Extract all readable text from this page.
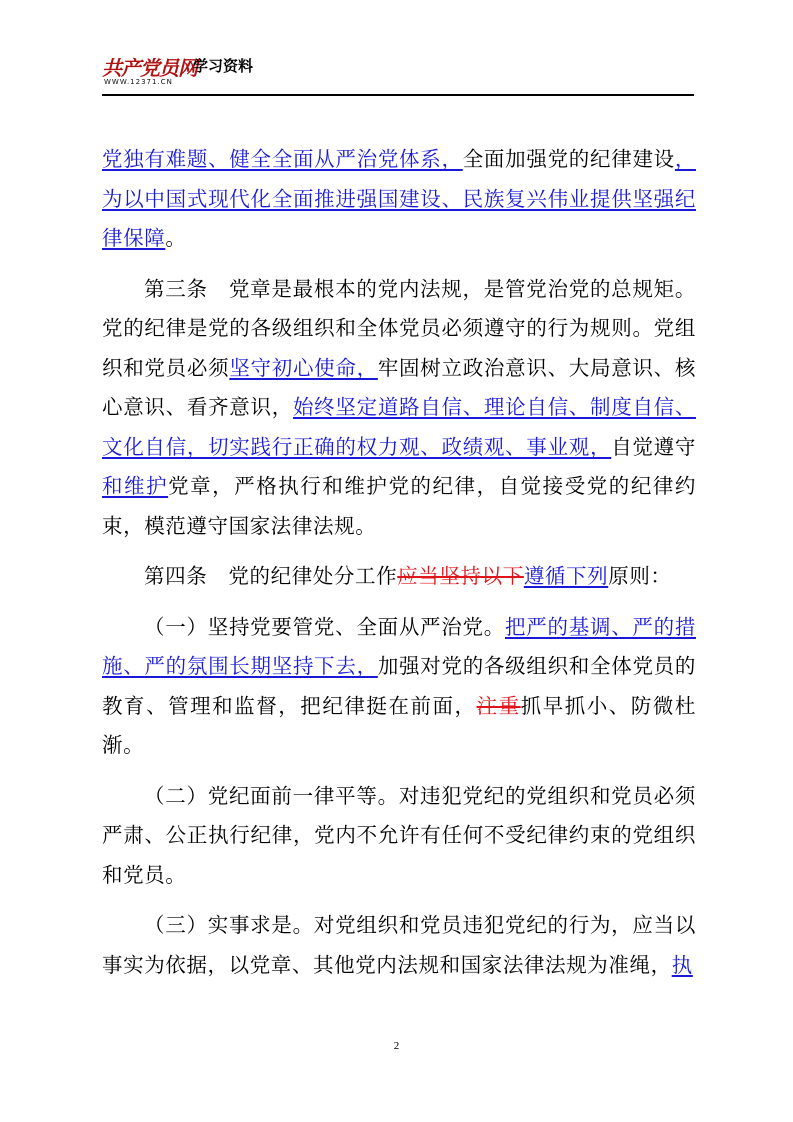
共产党员网
WWW.12371.CN
学习资料

党独有难题、健全全面从严治党体系，全面加强党的纪律建设，为以中国式现代化全面推进强国建设、民族复兴伟业提供坚强纪律保障。

第三条　党章是最根本的党内法规，是管党治党的总规矩。党的纪律是党的各级组织和全体党员必须遵守的行为规则。党组织和党员必须坚守初心使命，牢固树立政治意识、大局意识、核心意识、看齐意识，始终坚定道路自信、理论自信、制度自信、文化自信，切实践行正确的权力观、政绩观、事业观，自觉遵守和维护党章，严格执行和维护党的纪律，自觉接受党的纪律约束，模范遵守国家法律法规。

第四条　党的纪律处分工作应当坚持以下遵循下列原则：

（一）坚持党要管党、全面从严治党。把严的基调、严的措施、严的氛围长期坚持下去，加强对党的各级组织和全体党员的教育、管理和监督，把纪律挺在前面，注重抓早抓小、防微杜渐。

（二）党纪面前一律平等。对违犯党纪的党组织和党员必须严肃、公正执行纪律，党内不允许有任何不受纪律约束的党组织和党员。

（三）实事求是。对党组织和党员违犯党纪的行为，应当以事实为依据，以党章、其他党内法规和国家法律法规为准绳，执

2
